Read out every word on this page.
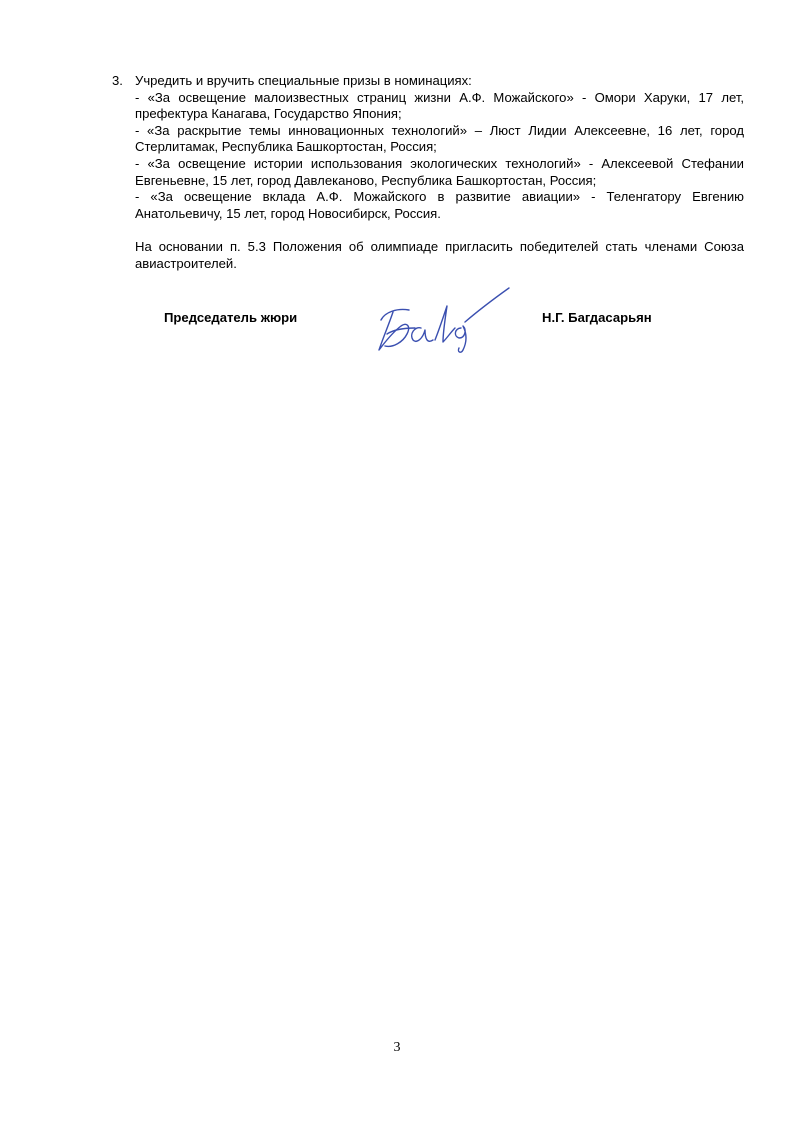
3. Учредить и вручить специальные призы в номинациях:

- «За освещение малоизвестных страниц жизни А.Ф. Можайского» - Омори Харуки, 17 лет, префектура Канагава, Государство Япония;

- «За раскрытие темы инновационных технологий» – Люст Лидии Алексеевне, 16 лет, город Стерлитамак, Республика Башкортостан, Россия;

- «За освещение истории использования экологических технологий» - Алексеевой Стефании Евгеньевне, 15 лет, город Давлеканово, Республика Башкортостан, Россия;

- «За освещение вклада А.Ф. Можайского в развитие авиации» - Теленгатору Евгению Анатольевичу, 15 лет, город Новосибирск, Россия.

На основании п. 5.3 Положения об олимпиаде пригласить победителей стать членами Союза авиастроителей.

Председатель жюри	Н.Г. Багдасарьян
3
